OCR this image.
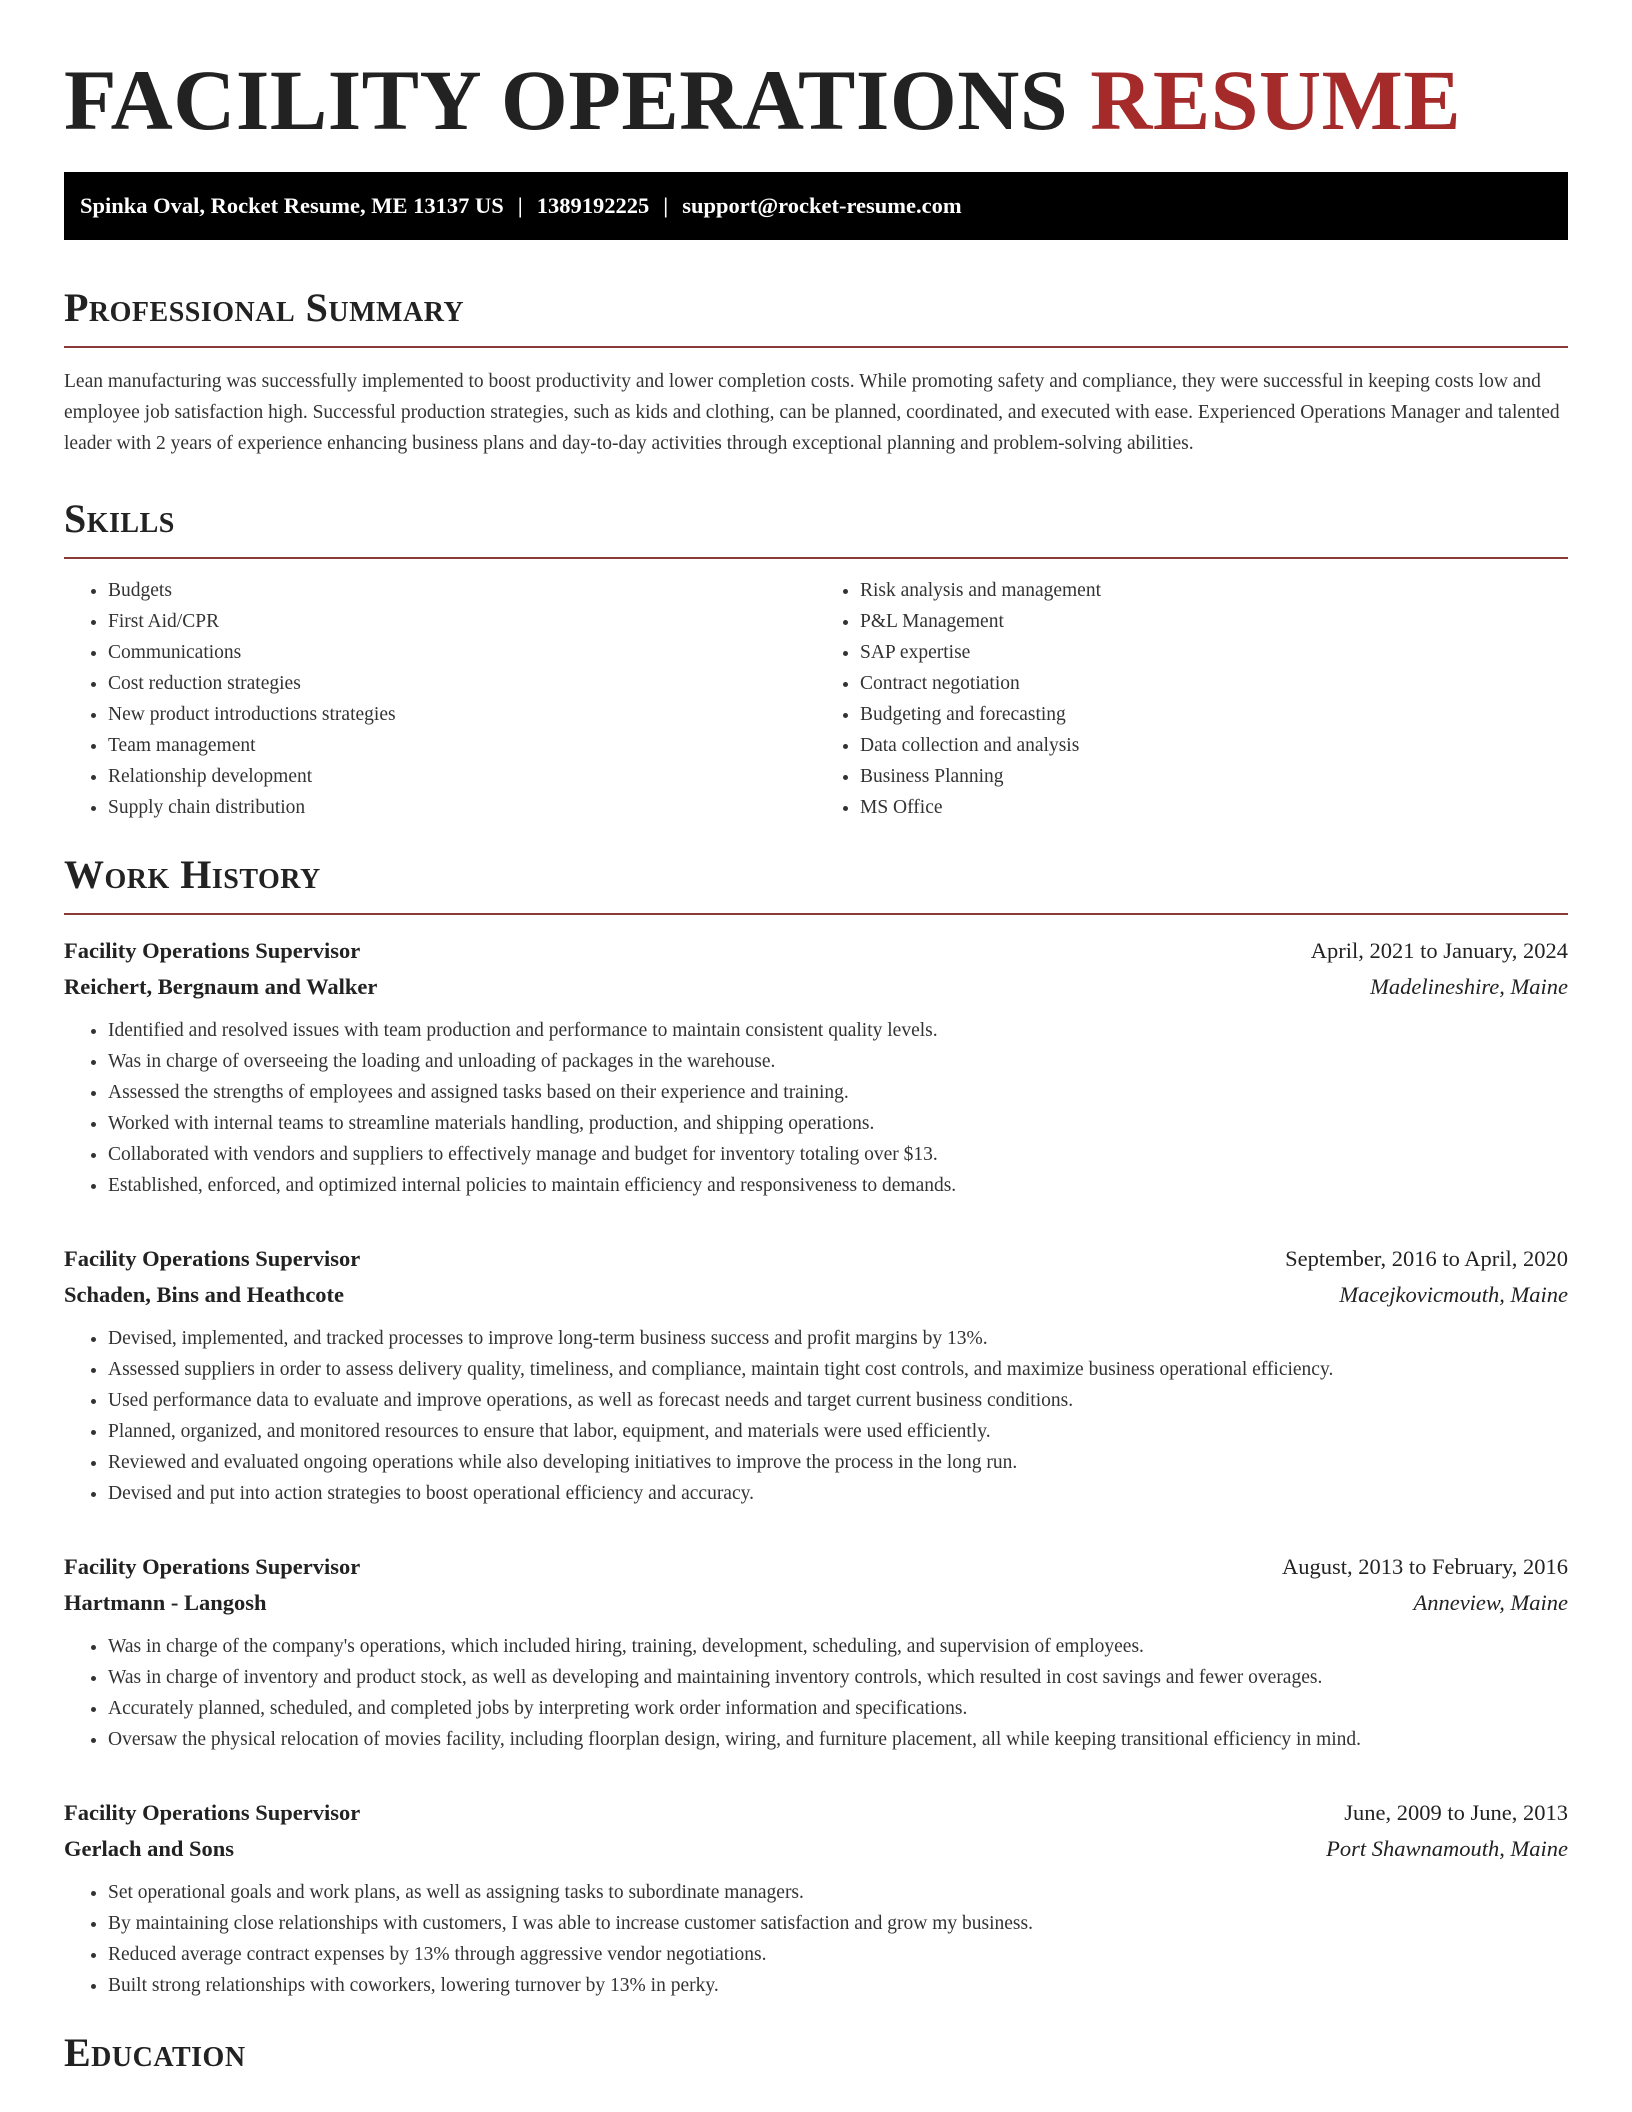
FACILITY OPERATIONS RESUME
Spinka Oval, Rocket Resume, ME 13137 US | 1389192225 | support@rocket-resume.com
Professional Summary

Lean manufacturing was successfully implemented to boost productivity and lower completion costs. While promoting safety and compliance, they were successful in keeping costs low and employee job satisfaction high. Successful production strategies, such as kids and clothing, can be planned, coordinated, and executed with ease. Experienced Operations Manager and talented leader with 2 years of experience enhancing business plans and day-to-day activities through exceptional planning and problem-solving abilities.

Skills
• Budgets
• First Aid/CPR
• Communications
• Cost reduction strategies
• New product introductions strategies
• Team management
• Relationship development
• Supply chain distribution
• Risk analysis and management
• P&L Management
• SAP expertise
• Contract negotiation
• Budgeting and forecasting
• Data collection and analysis
• Business Planning
• MS Office
Work History
Facility Operations Supervisor	April, 2021 to January, 2024
Reichert, Bergnaum and Walker	Madelineshire, Maine
• Identified and resolved issues with team production and performance to maintain consistent quality levels.
• Was in charge of overseeing the loading and unloading of packages in the warehouse.
• Assessed the strengths of employees and assigned tasks based on their experience and training.
• Worked with internal teams to streamline materials handling, production, and shipping operations.
• Collaborated with vendors and suppliers to effectively manage and budget for inventory totaling over $13.
• Established, enforced, and optimized internal policies to maintain efficiency and responsiveness to demands.
Facility Operations Supervisor	September, 2016 to April, 2020
Schaden, Bins and Heathcote	Macejkovicmouth, Maine
• Devised, implemented, and tracked processes to improve long-term business success and profit margins by 13%.
• Assessed suppliers in order to assess delivery quality, timeliness, and compliance, maintain tight cost controls, and maximize business operational efficiency.
• Used performance data to evaluate and improve operations, as well as forecast needs and target current business conditions.
• Planned, organized, and monitored resources to ensure that labor, equipment, and materials were used efficiently.
• Reviewed and evaluated ongoing operations while also developing initiatives to improve the process in the long run.
• Devised and put into action strategies to boost operational efficiency and accuracy.
Facility Operations Supervisor	August, 2013 to February, 2016
Hartmann - Langosh	Anneview, Maine
• Was in charge of the company's operations, which included hiring, training, development, scheduling, and supervision of employees.
• Was in charge of inventory and product stock, as well as developing and maintaining inventory controls, which resulted in cost savings and fewer overages.
• Accurately planned, scheduled, and completed jobs by interpreting work order information and specifications.
• Oversaw the physical relocation of movies facility, including floorplan design, wiring, and furniture placement, all while keeping transitional efficiency in mind.
Facility Operations Supervisor	June, 2009 to June, 2013
Gerlach and Sons	Port Shawnamouth, Maine
• Set operational goals and work plans, as well as assigning tasks to subordinate managers.
• By maintaining close relationships with customers, I was able to increase customer satisfaction and grow my business.
• Reduced average contract expenses by 13% through aggressive vendor negotiations.
• Built strong relationships with coworkers, lowering turnover by 13% in perky.
Education
